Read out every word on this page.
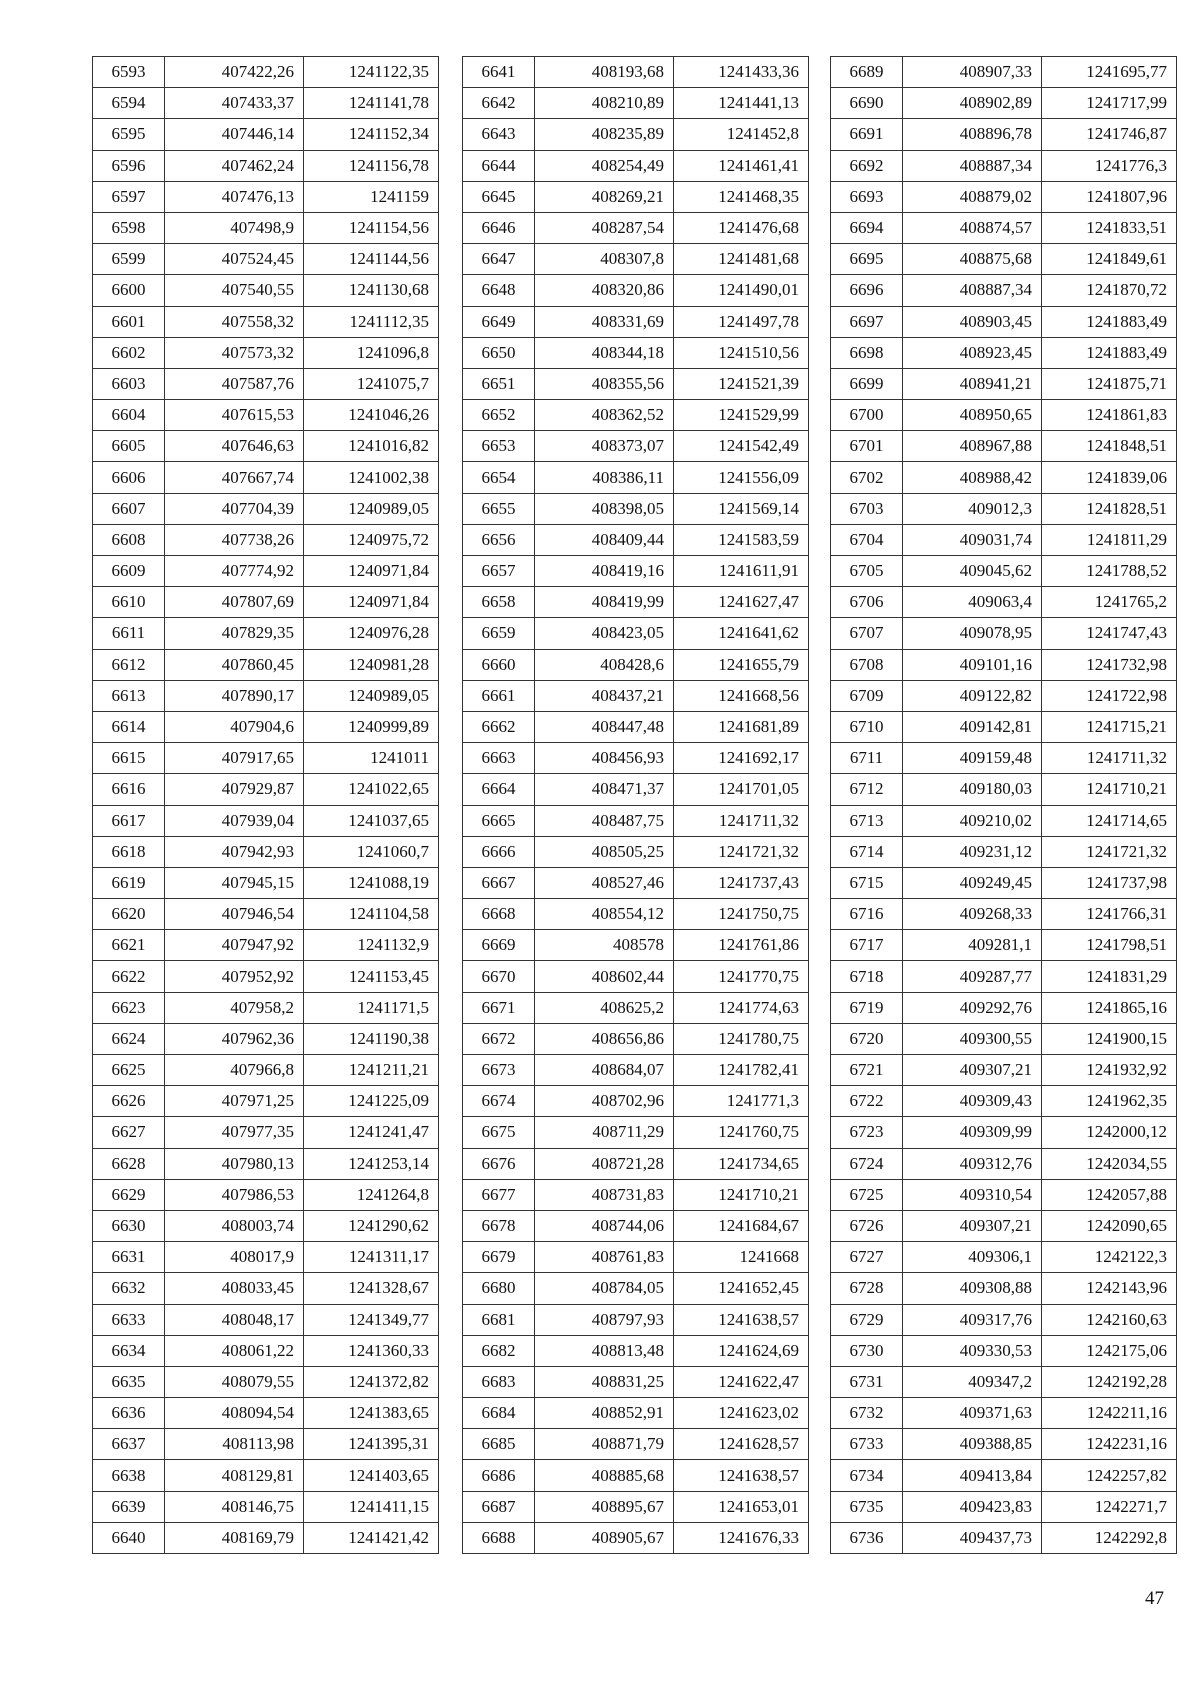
6593	407422,26	1241122,35
6594	407433,37	1241141,78
6595	407446,14	1241152,34
6596	407462,24	1241156,78
6597	407476,13	1241159
6598	407498,9	1241154,56
6599	407524,45	1241144,56
6600	407540,55	1241130,68
6601	407558,32	1241112,35
6602	407573,32	1241096,8
6603	407587,76	1241075,7
6604	407615,53	1241046,26
6605	407646,63	1241016,82
6606	407667,74	1241002,38
6607	407704,39	1240989,05
6608	407738,26	1240975,72
6609	407774,92	1240971,84
6610	407807,69	1240971,84
6611	407829,35	1240976,28
6612	407860,45	1240981,28
6613	407890,17	1240989,05
6614	407904,6	1240999,89
6615	407917,65	1241011
6616	407929,87	1241022,65
6617	407939,04	1241037,65
6618	407942,93	1241060,7
6619	407945,15	1241088,19
6620	407946,54	1241104,58
6621	407947,92	1241132,9
6622	407952,92	1241153,45
6623	407958,2	1241171,5
6624	407962,36	1241190,38
6625	407966,8	1241211,21
6626	407971,25	1241225,09
6627	407977,35	1241241,47
6628	407980,13	1241253,14
6629	407986,53	1241264,8
6630	408003,74	1241290,62
6631	408017,9	1241311,17
6632	408033,45	1241328,67
6633	408048,17	1241349,77
6634	408061,22	1241360,33
6635	408079,55	1241372,82
6636	408094,54	1241383,65
6637	408113,98	1241395,31
6638	408129,81	1241403,65
6639	408146,75	1241411,15
6640	408169,79	1241421,42
6641	408193,68	1241433,36
6642	408210,89	1241441,13
6643	408235,89	1241452,8
6644	408254,49	1241461,41
6645	408269,21	1241468,35
6646	408287,54	1241476,68
6647	408307,8	1241481,68
6648	408320,86	1241490,01
6649	408331,69	1241497,78
6650	408344,18	1241510,56
6651	408355,56	1241521,39
6652	408362,52	1241529,99
6653	408373,07	1241542,49
6654	408386,11	1241556,09
6655	408398,05	1241569,14
6656	408409,44	1241583,59
6657	408419,16	1241611,91
6658	408419,99	1241627,47
6659	408423,05	1241641,62
6660	408428,6	1241655,79
6661	408437,21	1241668,56
6662	408447,48	1241681,89
6663	408456,93	1241692,17
6664	408471,37	1241701,05
6665	408487,75	1241711,32
6666	408505,25	1241721,32
6667	408527,46	1241737,43
6668	408554,12	1241750,75
6669	408578	1241761,86
6670	408602,44	1241770,75
6671	408625,2	1241774,63
6672	408656,86	1241780,75
6673	408684,07	1241782,41
6674	408702,96	1241771,3
6675	408711,29	1241760,75
6676	408721,28	1241734,65
6677	408731,83	1241710,21
6678	408744,06	1241684,67
6679	408761,83	1241668
6680	408784,05	1241652,45
6681	408797,93	1241638,57
6682	408813,48	1241624,69
6683	408831,25	1241622,47
6684	408852,91	1241623,02
6685	408871,79	1241628,57
6686	408885,68	1241638,57
6687	408895,67	1241653,01
6688	408905,67	1241676,33
6689	408907,33	1241695,77
6690	408902,89	1241717,99
6691	408896,78	1241746,87
6692	408887,34	1241776,3
6693	408879,02	1241807,96
6694	408874,57	1241833,51
6695	408875,68	1241849,61
6696	408887,34	1241870,72
6697	408903,45	1241883,49
6698	408923,45	1241883,49
6699	408941,21	1241875,71
6700	408950,65	1241861,83
6701	408967,88	1241848,51
6702	408988,42	1241839,06
6703	409012,3	1241828,51
6704	409031,74	1241811,29
6705	409045,62	1241788,52
6706	409063,4	1241765,2
6707	409078,95	1241747,43
6708	409101,16	1241732,98
6709	409122,82	1241722,98
6710	409142,81	1241715,21
6711	409159,48	1241711,32
6712	409180,03	1241710,21
6713	409210,02	1241714,65
6714	409231,12	1241721,32
6715	409249,45	1241737,98
6716	409268,33	1241766,31
6717	409281,1	1241798,51
6718	409287,77	1241831,29
6719	409292,76	1241865,16
6720	409300,55	1241900,15
6721	409307,21	1241932,92
6722	409309,43	1241962,35
6723	409309,99	1242000,12
6724	409312,76	1242034,55
6725	409310,54	1242057,88
6726	409307,21	1242090,65
6727	409306,1	1242122,3
6728	409308,88	1242143,96
6729	409317,76	1242160,63
6730	409330,53	1242175,06
6731	409347,2	1242192,28
6732	409371,63	1242211,16
6733	409388,85	1242231,16
6734	409413,84	1242257,82
6735	409423,83	1242271,7
6736	409437,73	1242292,8
47
